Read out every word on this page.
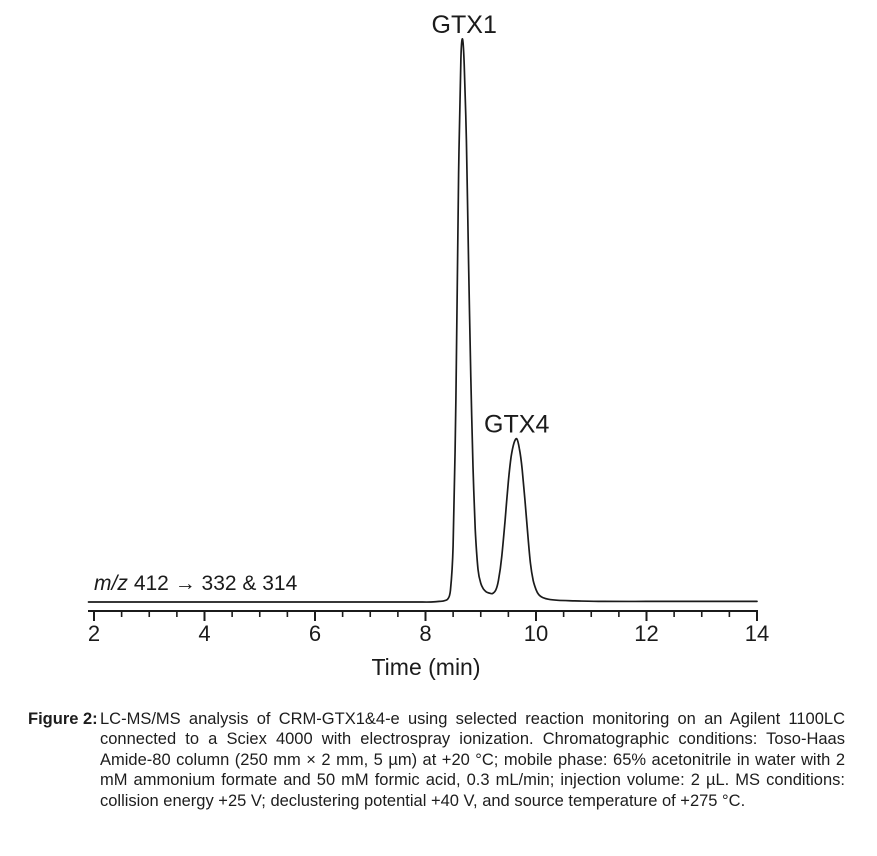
GTX1
GTX4
m/z 412 → 332 & 314
2	4	6	8	10	12	14
Time (min)
Figure 2: LC-MS/MS analysis of CRM-GTX1&4-e using selected reaction monitoring on an Agilent 1100LC connected to a Sciex 4000 with electrospray ionization. Chromatographic conditions: Toso-Haas Amide-80 column (250 mm × 2 mm, 5 µm) at +20 °C; mobile phase: 65% acetonitrile in water with 2 mM ammonium formate and 50 mM formic acid, 0.3 mL/min; injection volume: 2 µL. MS conditions: collision energy +25 V; declustering potential +40 V, and source temperature of +275 °C.
